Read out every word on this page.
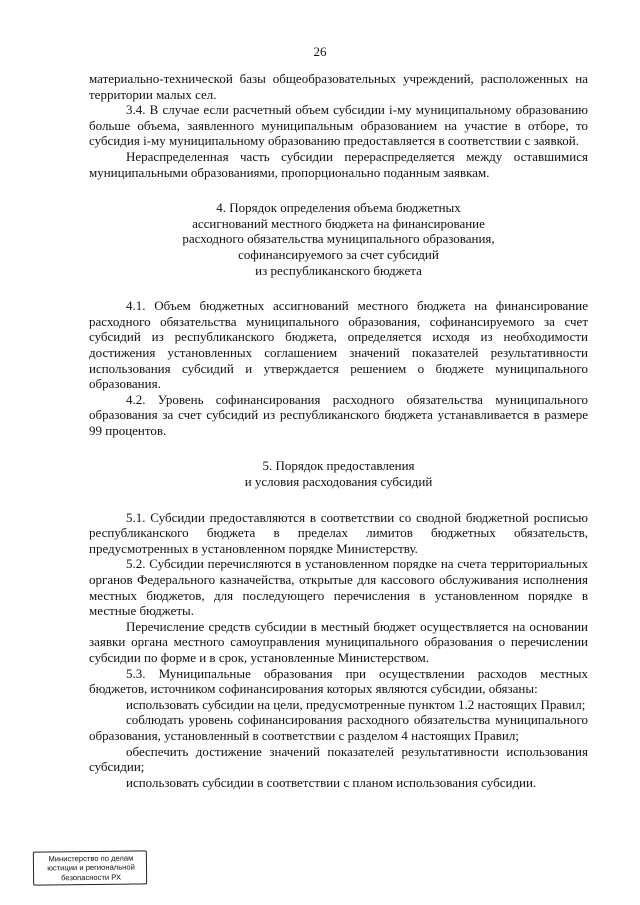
26

материально-технической базы общеобразовательных учреждений, расположенных на территории малых сел.

3.4. В случае если расчетный объем субсидии i-му муниципальному образованию больше объема, заявленного муниципальным образованием на участие в отборе, то субсидия i-му муниципальному образованию предоставляется в соответствии с заявкой.

Нераспределенная часть субсидии перераспределяется между оставшимися муниципальными образованиями, пропорционально поданным заявкам.

4. Порядок определения объема бюджетных
ассигнований местного бюджета на финансирование
расходного обязательства муниципального образования,
софинансируемого за счет субсидий
из республиканского бюджета

4.1. Объем бюджетных ассигнований местного бюджета на финансирование расходного обязательства муниципального образования, софинансируемого за счет субсидий из республиканского бюджета, определяется исходя из необходимости достижения установленных соглашением значений показателей результативности использования субсидий и утверждается решением о бюджете муниципального образования.

4.2. Уровень софинансирования расходного обязательства муниципального образования за счет субсидий из республиканского бюджета устанавливается в размере 99 процентов.

5. Порядок предоставления
и условия расходования субсидий

5.1. Субсидии предоставляются в соответствии со сводной бюджетной росписью республиканского бюджета в пределах лимитов бюджетных обязательств, предусмотренных в установленном порядке Министерству.

5.2. Субсидии перечисляются в установленном порядке на счета территориальных органов Федерального казначейства, открытые для кассового обслуживания исполнения местных бюджетов, для последующего перечисления в установленном порядке в местные бюджеты.

Перечисление средств субсидии в местный бюджет осуществляется на основании заявки органа местного самоуправления муниципального образования о перечислении субсидии по форме и в срок, установленные Министерством.

5.3. Муниципальные образования при осуществлении расходов местных бюджетов, источником софинансирования которых являются субсидии, обязаны:

использовать субсидии на цели, предусмотренные пунктом 1.2 настоящих Правил;

соблюдать уровень софинансирования расходного обязательства муниципального образования, установленный в соответствии с разделом 4 настоящих Правил;

обеспечить достижение значений показателей результативности использования субсидии;

использовать субсидии в соответствии с планом использования субсидии.

Министерство по делам
юстиции и региональной
безопасности РХ
